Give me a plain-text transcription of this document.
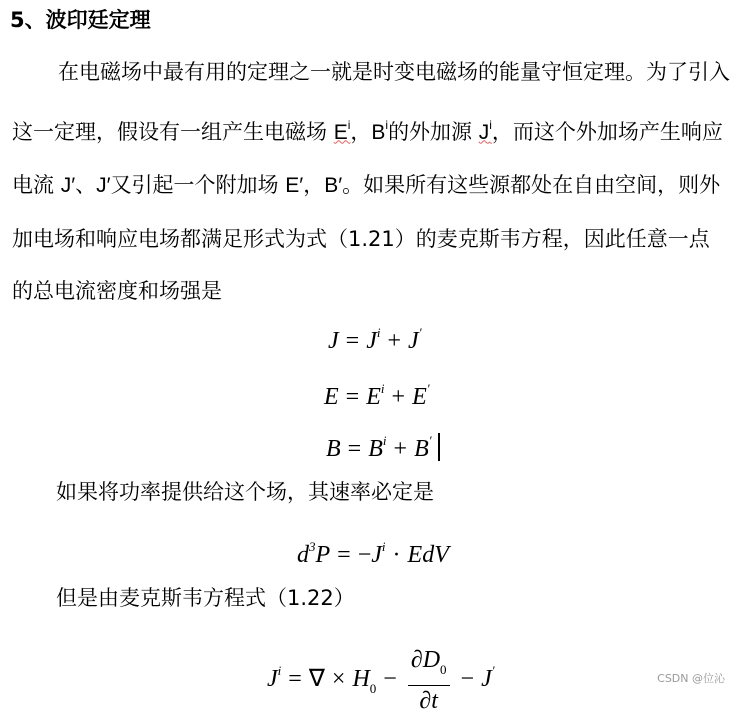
5、波印廷定理

在电磁场中最有用的定理之一就是时变电磁场的能量守恒定理。为了引入这一定理，假设有一组产生电磁场 $E^i$，$B^i$的外加源 $J^i$，而这个外加场产生响应电流 J′、J′又引起一个附加场 E′，B′。如果所有这些源都处在自由空间，则外加电场和响应电场都满足形式为式（1.21）的麦克斯韦方程，因此任意一点的总电流密度和场强是

$J = J^i + J'$
$E = E^i + E'$
$B = B^i + B'$
如果将功率提供给这个场，其速率必定是
$d^3P = -J^i$ · EdV
但是由麦克斯韦方程式（1.22）
$J^i$ = ∇ × $H_0 - \frac{\partial D_0}{\partial t} - J'$
CSDN @位沁
